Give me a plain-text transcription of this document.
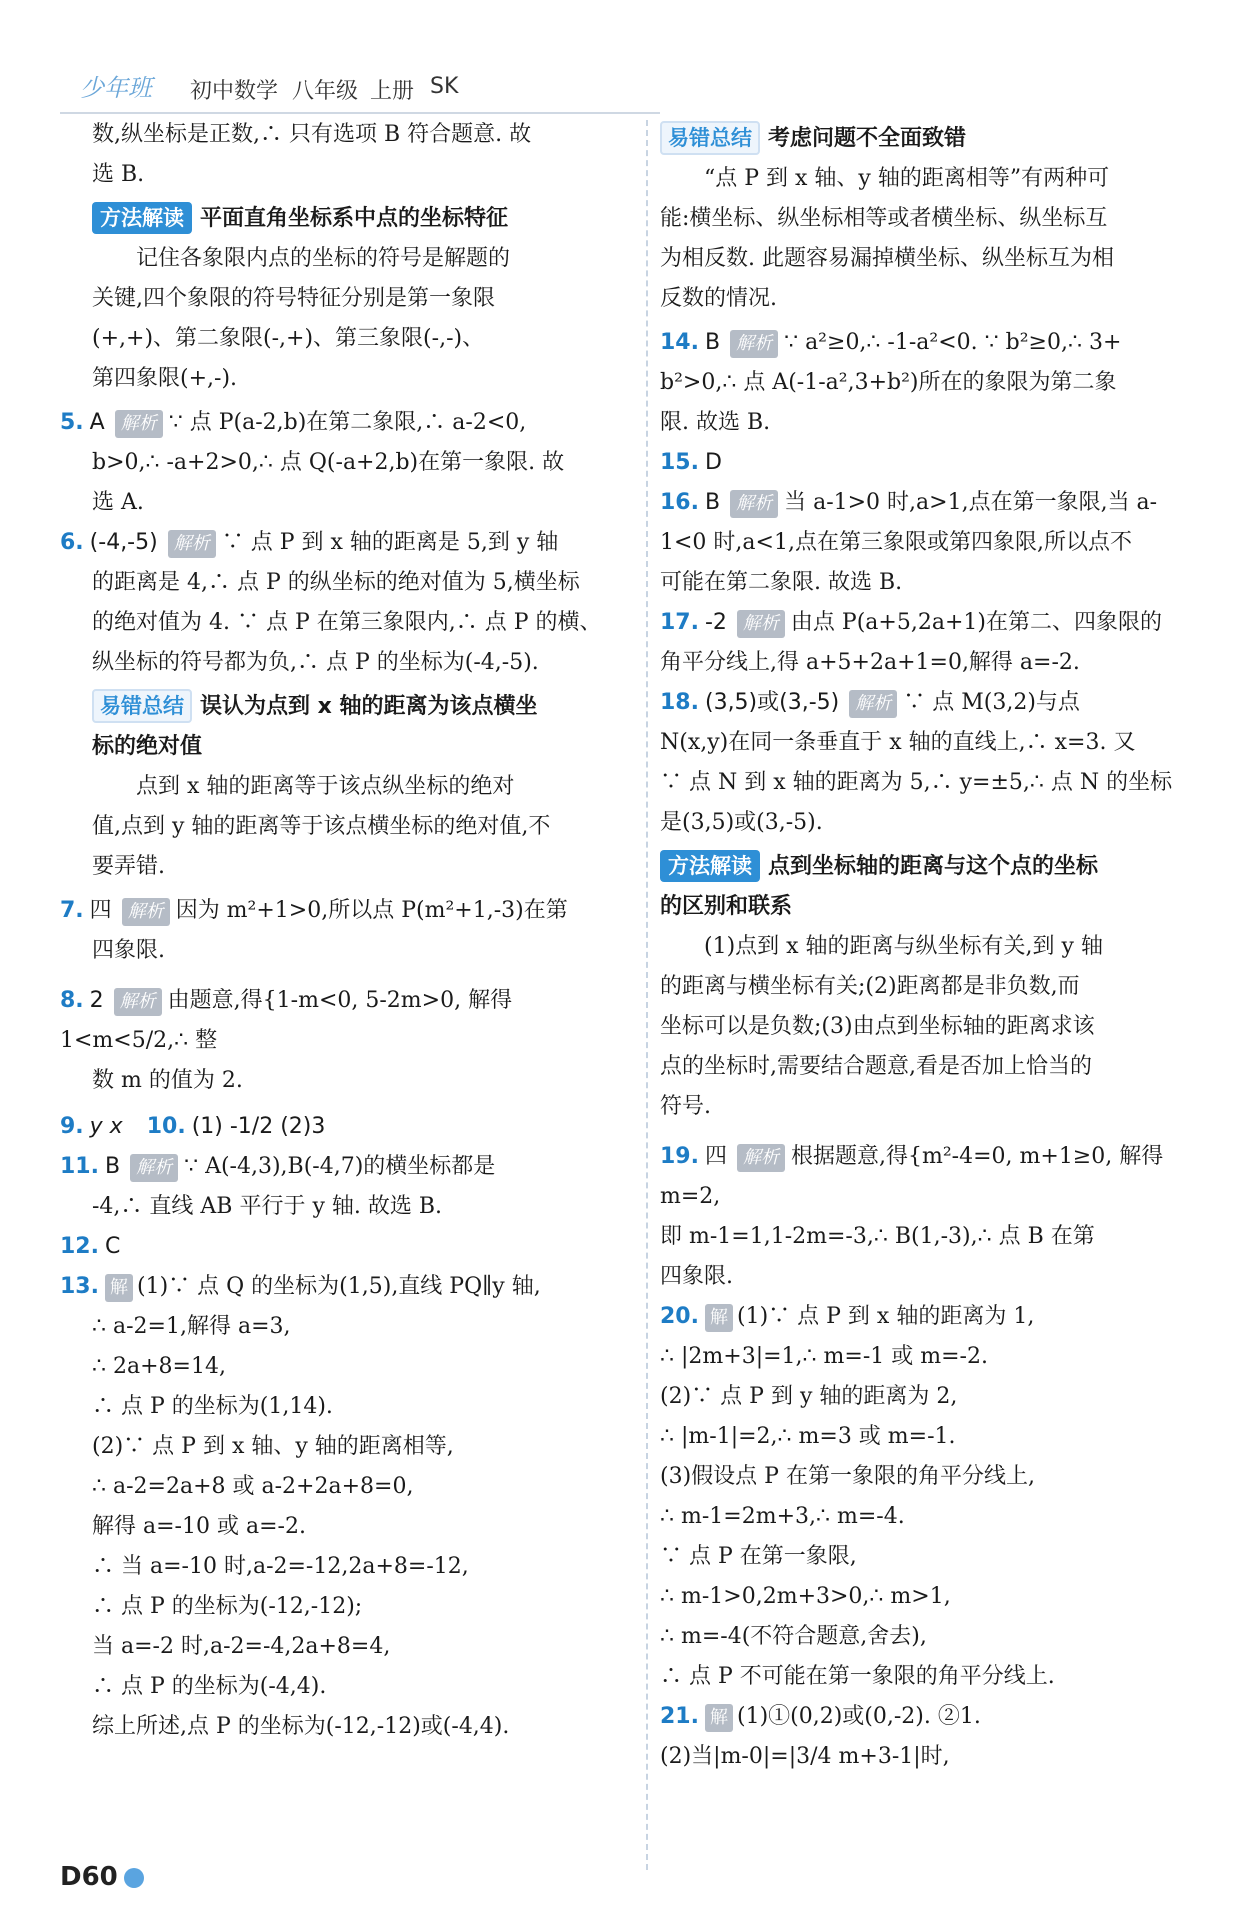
少年班 初中数学 八年级 上册 SK

数,纵坐标是正数,∴ 只有选项 B 符合题意. 故

选 B.

方法解读 平面直角坐标系中点的坐标特征

记住各象限内点的坐标的符号是解题的

关键,四个象限的符号特征分别是第一象限

(+,+)、第二象限(-,+)、第三象限(-,-)、

第四象限(+,-).

5. A 解析 ∵ 点 P(a-2,b)在第二象限,∴ a-2<0,

b>0,∴ -a+2>0,∴ 点 Q(-a+2,b)在第一象限. 故

选 A.

6. (-4,-5) 解析 ∵ 点 P 到 x 轴的距离是 5,到 y 轴

的距离是 4,∴ 点 P 的纵坐标的绝对值为 5,横坐标

的绝对值为 4. ∵ 点 P 在第三象限内,∴ 点 P 的横、

纵坐标的符号都为负,∴ 点 P 的坐标为(-4,-5).

易错总结 误认为点到 x 轴的距离为该点横坐

标的绝对值

点到 x 轴的距离等于该点纵坐标的绝对

值,点到 y 轴的距离等于该点横坐标的绝对值,不

要弄错.

7. 四 解析 因为 m²+1>0,所以点 P(m²+1,-3)在第

四象限.

8. 2 解析 由题意,得{1-m<0, 5-2m>0, 解得 1<m<5/2,∴ 整

数 m 的值为 2.

9. y x 10. (1) -1/2 (2)3

11. B 解析 ∵ A(-4,3),B(-4,7)的横坐标都是

-4,∴ 直线 AB 平行于 y 轴. 故选 B.

12. C

13. 解 (1)∵ 点 Q 的坐标为(1,5),直线 PQ∥y 轴,

∴ a-2=1,解得 a=3,

∴ 2a+8=14,

∴ 点 P 的坐标为(1,14).

(2)∵ 点 P 到 x 轴、y 轴的距离相等,

∴ a-2=2a+8 或 a-2+2a+8=0,

解得 a=-10 或 a=-2.

∴ 当 a=-10 时,a-2=-12,2a+8=-12,

∴ 点 P 的坐标为(-12,-12);

当 a=-2 时,a-2=-4,2a+8=4,

∴ 点 P 的坐标为(-4,4).

综上所述,点 P 的坐标为(-12,-12)或(-4,4).

易错总结 考虑问题不全面致错

“点 P 到 x 轴、y 轴的距离相等”有两种可

能:横坐标、纵坐标相等或者横坐标、纵坐标互

为相反数. 此题容易漏掉横坐标、纵坐标互为相

反数的情况.

14. B 解析 ∵ a²≥0,∴ -1-a²<0. ∵ b²≥0,∴ 3+

b²>0,∴ 点 A(-1-a²,3+b²)所在的象限为第二象

限. 故选 B.

15. D

16. B 解析 当 a-1>0 时,a>1,点在第一象限,当 a-

1<0 时,a<1,点在第三象限或第四象限,所以点不

可能在第二象限. 故选 B.

17. -2 解析 由点 P(a+5,2a+1)在第二、四象限的

角平分线上,得 a+5+2a+1=0,解得 a=-2.

18. (3,5)或(3,-5) 解析 ∵ 点 M(3,2)与点

N(x,y)在同一条垂直于 x 轴的直线上,∴ x=3. 又

∵ 点 N 到 x 轴的距离为 5,∴ y=±5,∴ 点 N 的坐标

是(3,5)或(3,-5).

方法解读 点到坐标轴的距离与这个点的坐标

的区别和联系

(1)点到 x 轴的距离与纵坐标有关,到 y 轴

的距离与横坐标有关;(2)距离都是非负数,而

坐标可以是负数;(3)由点到坐标轴的距离求该

点的坐标时,需要结合题意,看是否加上恰当的

符号.

19. 四 解析 根据题意,得{m²-4=0, m+1≥0, 解得 m=2,

即 m-1=1,1-2m=-3,∴ B(1,-3),∴ 点 B 在第

四象限.

20. 解 (1)∵ 点 P 到 x 轴的距离为 1,

∴ |2m+3|=1,∴ m=-1 或 m=-2.

(2)∵ 点 P 到 y 轴的距离为 2,

∴ |m-1|=2,∴ m=3 或 m=-1.

(3)假设点 P 在第一象限的角平分线上,

∴ m-1=2m+3,∴ m=-4.

∵ 点 P 在第一象限,

∴ m-1>0,2m+3>0,∴ m>1,

∴ m=-4(不符合题意,舍去),

∴ 点 P 不可能在第一象限的角平分线上.

21. 解 (1)①(0,2)或(0,-2). ②1.

(2)当|m-0|=|3/4 m+3-1|时,

D60
